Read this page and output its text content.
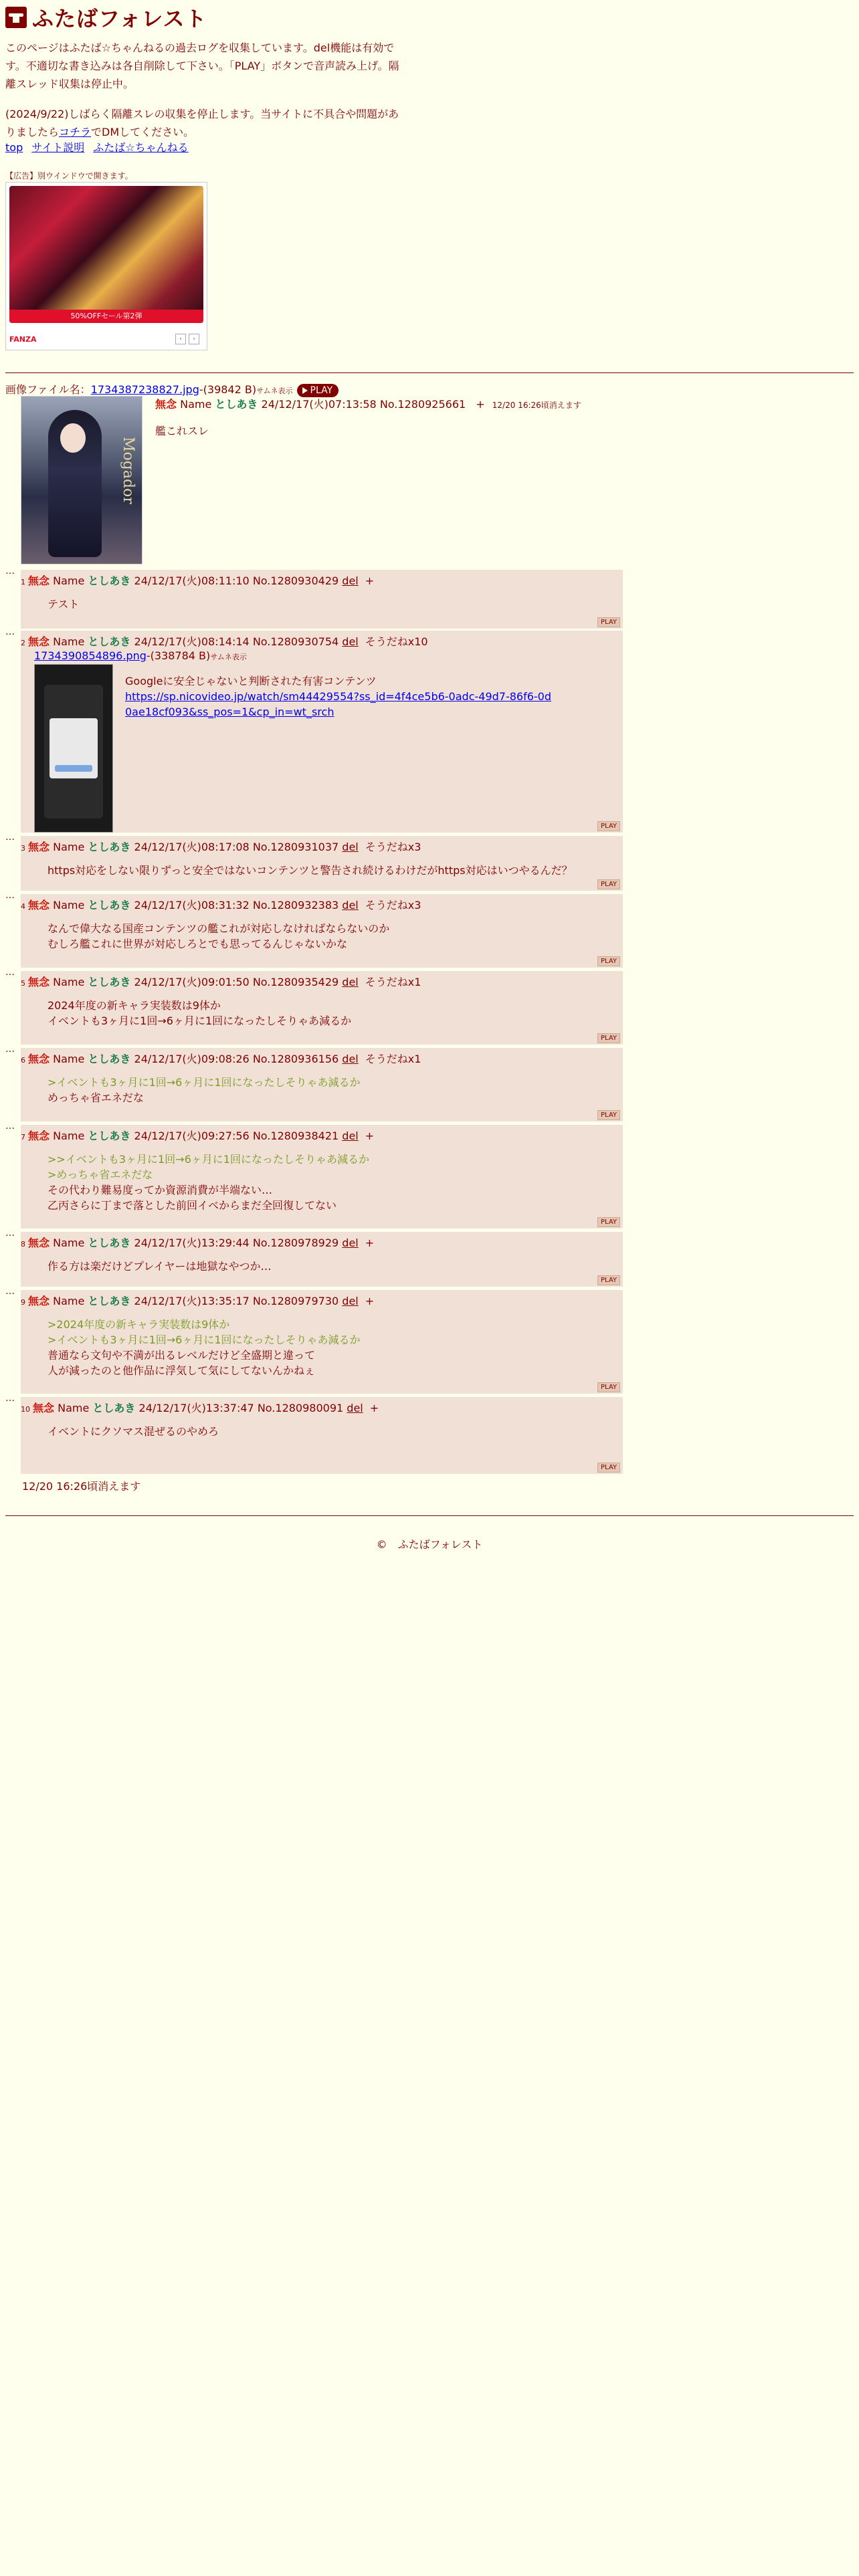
ふたばフォレスト

このページはふたば☆ちゃんねるの過去ログを収集しています。del機能は有効です。不適切な書き込みは各自削除して下さい。「PLAY」ボタンで音声読み上げ。隔離スレッド収集は停止中。

(2024/9/22)しばらく隔離スレの収集を停止します。当サイトに不具合や問題がありましたらコチラでDMしてください。

top サイト説明 ふたば☆ちゃんねる
【広告】別ウインドウで開きます。
50%OFFセール第2弾
FANZA	‹	›
画像ファイル名：1734387238827.jpg-(39842 B)サムネ表示 PLAY
Mogador
無念 Name としあき 24/12/17(火)07:13:58 No.1280925661 + 12/20 16:26頃消えます
艦これスレ
…
1 無念 Name としあき 24/12/17(火)08:11:10 No.1280930429 del +
テスト
PLAY
…
2 無念 Name としあき 24/12/17(火)08:14:14 No.1280930754 del そうだねx10
1734390854896.png-(338784 B)サムネ表示
Googleに安全じゃないと判断された有害コンテンツ
https://sp.nicovideo.jp/watch/sm44429554?ss_id=4f4ce5b6-0adc-49d7-86f6-0d0ae18cf093&ss_pos=1&cp_in=wt_srch
PLAY
…
3 無念 Name としあき 24/12/17(火)08:17:08 No.1280931037 del そうだねx3
https対応をしない限りずっと安全ではないコンテンツと警告され続けるわけだがhttps対応はいつやるんだ？
PLAY
…
4 無念 Name としあき 24/12/17(火)08:31:32 No.1280932383 del そうだねx3
なんで偉大なる国産コンテンツの艦これが対応しなければならないのか
むしろ艦これに世界が対応しろとでも思ってるんじゃないかな
PLAY
…
5 無念 Name としあき 24/12/17(火)09:01:50 No.1280935429 del そうだねx1
2024年度の新キャラ実装数は9体か
イベントも3ヶ月に1回→6ヶ月に1回になったしそりゃあ減るか
PLAY
…
6 無念 Name としあき 24/12/17(火)09:08:26 No.1280936156 del そうだねx1
>イベントも3ヶ月に1回→6ヶ月に1回になったしそりゃあ減るか
めっちゃ省エネだな
PLAY
…
7 無念 Name としあき 24/12/17(火)09:27:56 No.1280938421 del +
>>イベントも3ヶ月に1回→6ヶ月に1回になったしそりゃあ減るか
>めっちゃ省エネだな
その代わり難易度ってか資源消費が半端ない…
乙丙さらに丁まで落とした前回イベからまだ全回復してない
PLAY
…
8 無念 Name としあき 24/12/17(火)13:29:44 No.1280978929 del +
作る方は楽だけどプレイヤーは地獄なやつか…
PLAY
…
9 無念 Name としあき 24/12/17(火)13:35:17 No.1280979730 del +
>2024年度の新キャラ実装数は9体か
>イベントも3ヶ月に1回→6ヶ月に1回になったしそりゃあ減るか
普通なら文句や不満が出るレベルだけど全盛期と違って
人が減ったのと他作品に浮気して気にしてないんかねぇ
PLAY
…
10 無念 Name としあき 24/12/17(火)13:37:47 No.1280980091 del +
イベントにクソマス混ぜるのやめろ
PLAY
12/20 16:26頃消えます
©　ふたばフォレスト
